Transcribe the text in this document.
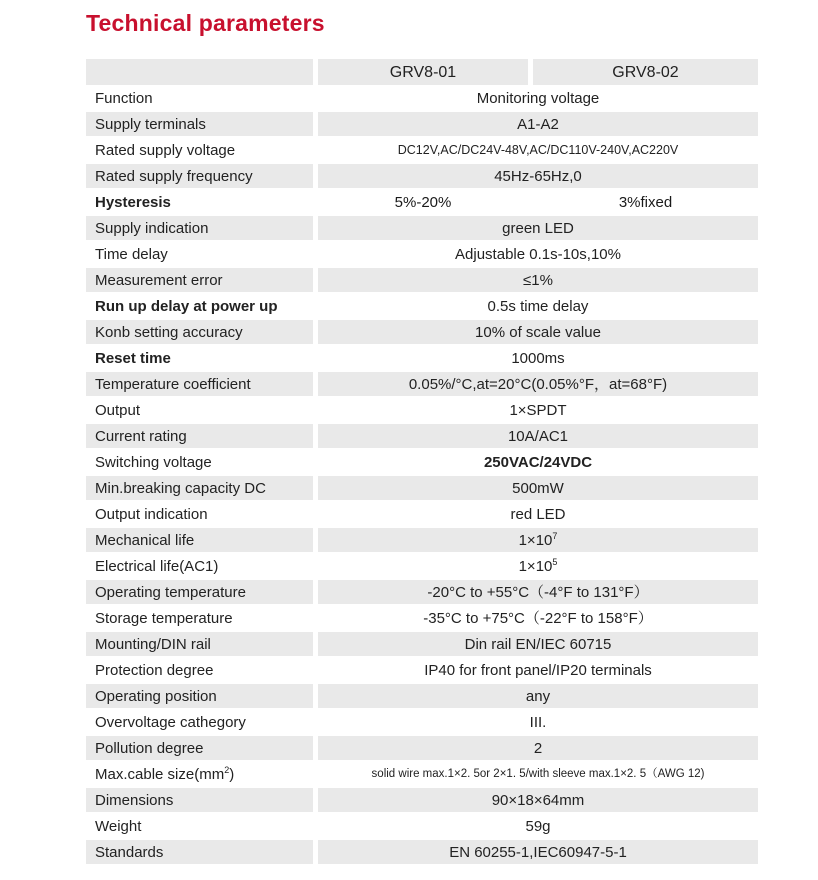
Technical parameters
GRV8-01	GRV8-02
Function	Monitoring voltage
Supply terminals	A1-A2
Rated supply voltage	DC12V,AC/DC24V-48V,AC/DC110V-240V,AC220V
Rated supply frequency	45Hz-65Hz,0
Hysteresis	5%-20%	3%fixed
Supply indication	green LED
Time delay	Adjustable 0.1s-10s,10%
Measurement error	≤1%
Run up delay at power up	0.5s time delay
Konb setting accuracy	10% of scale value
Reset time	1000ms
Temperature coefficient	0.05%/°C,at=20°C(0.05%°F，at=68°F)
Output	1×SPDT
Current rating	10A/AC1
Switching voltage	250VAC/24VDC
Min.breaking capacity DC	500mW
Output indication	red LED
Mechanical life	$1\times 10^7$
Electrical life(AC1)	$1\times 10^5$
Operating temperature	-20°C to +55°C（-4°F to 131°F）
Storage temperature	-35°C to +75°C（-22°F to 158°F）
Mounting/DIN rail	Din rail EN/IEC 60715
Protection degree	IP40 for front panel/IP20 terminals
Operating position	any
Overvoltage cathegory	III.
Pollution degree	2
Max.cable $size(mm^2)$	solid wire max.1×2. 5or 2×1. 5/with sleeve max.1×2. 5（AWG 12)
Dimensions	90×18×64mm
Weight	59g
Standards	EN 60255-1,IEC60947-5-1
